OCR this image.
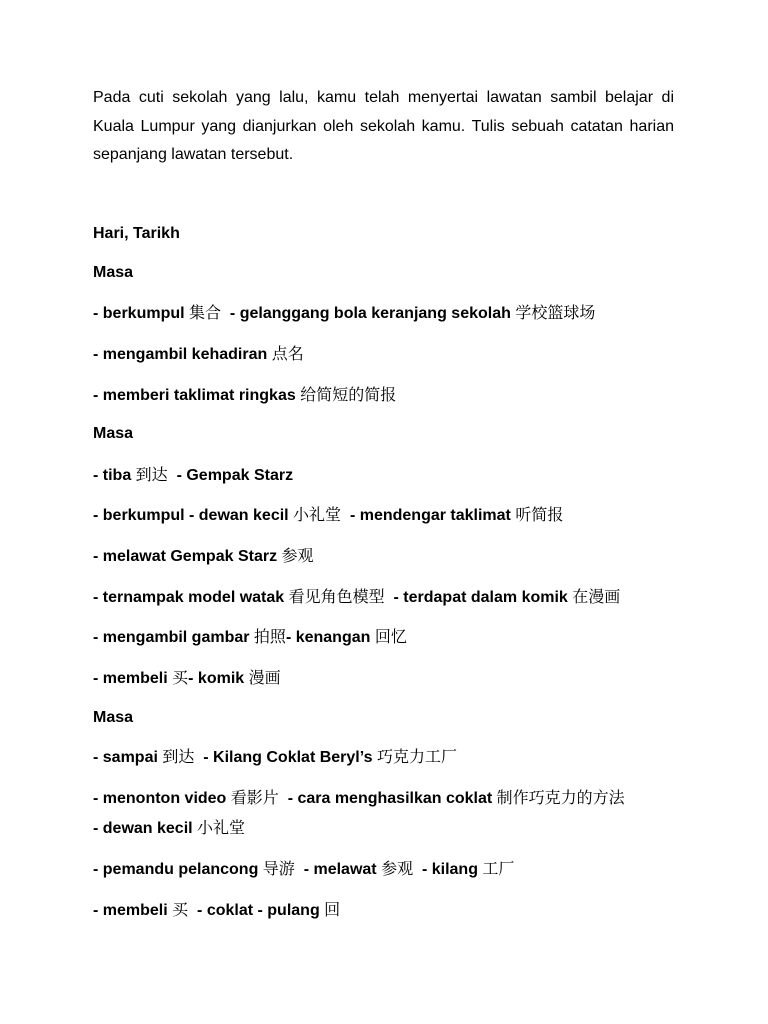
Pada cuti sekolah yang lalu, kamu telah menyertai lawatan sambil belajar di Kuala Lumpur yang dianjurkan oleh sekolah kamu. Tulis sebuah catatan harian sepanjang lawatan tersebut.
Hari, Tarikh
Masa
- berkumpul 集合  - gelanggang bola keranjang sekolah 学校篮球场
- mengambil kehadiran 点名
- memberi taklimat ringkas 给简短的简报
Masa
- tiba 到达  - Gempak Starz
- berkumpul - dewan kecil 小礼堂  - mendengar taklimat 听简报
- melawat Gempak Starz 参观
- ternampak model watak 看见角色模型  - terdapat dalam komik 在漫画
- mengambil gambar 拍照- kenangan 回忆
- membeli 买- komik 漫画
Masa
- sampai 到达  - Kilang Coklat Beryl’s 巧克力工厂
- menonton video 看影片  - cara menghasilkan coklat 制作巧克力的方法
- dewan kecil 小礼堂
- pemandu pelancong 导游  - melawat 参观  - kilang 工厂
- membeli 买  - coklat - pulang 回
